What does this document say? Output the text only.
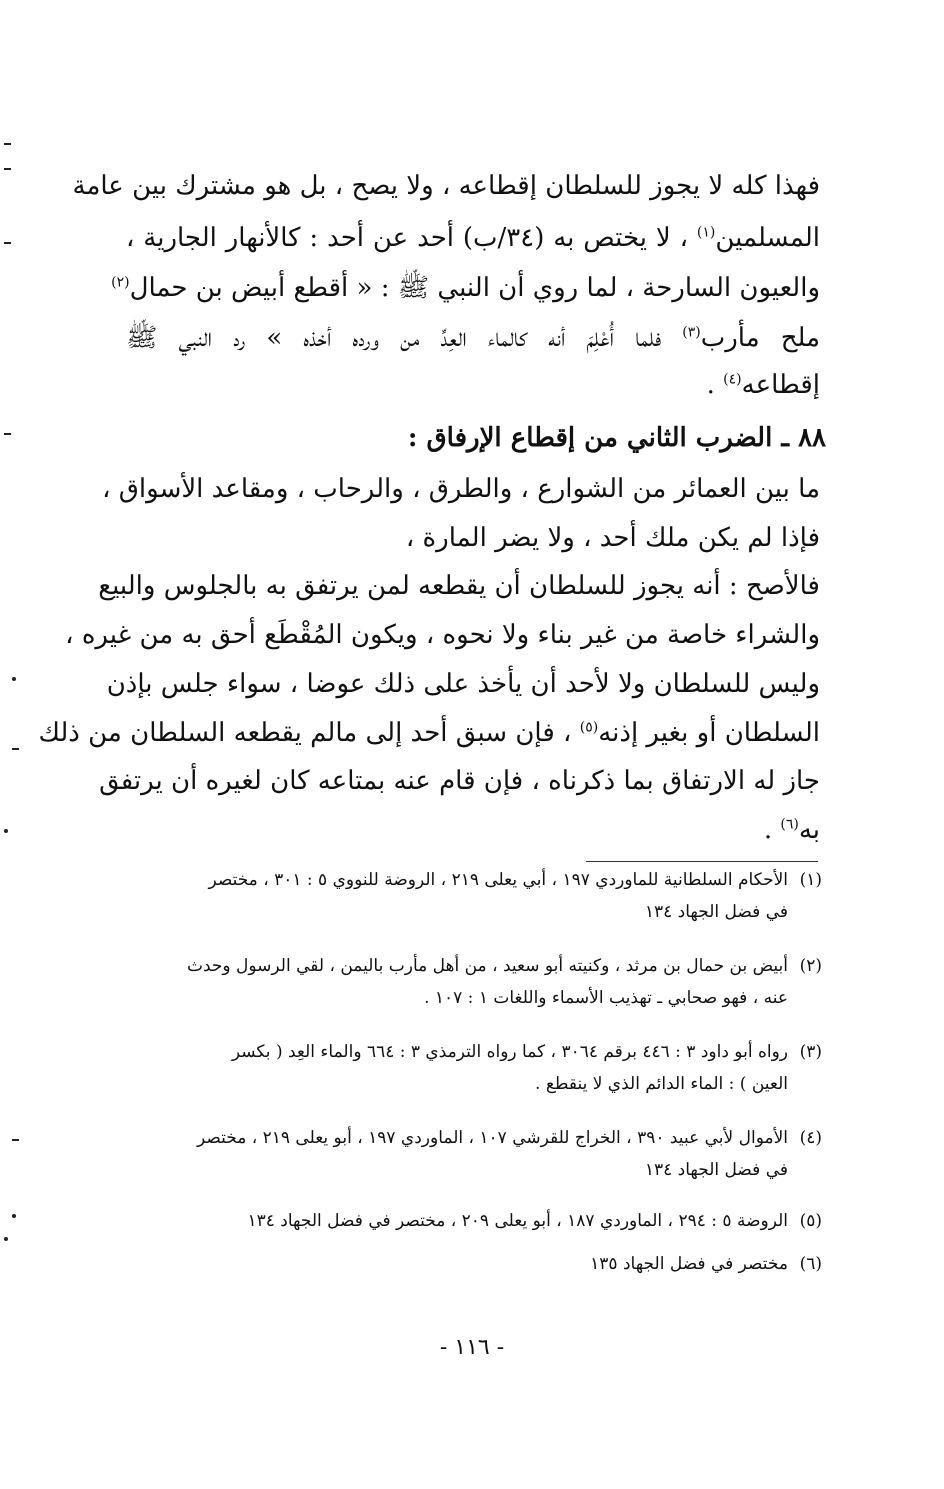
فهذا كله لا يجوز للسلطان إقطاعه ، ولا يصح ، بل هو مشترك بين عامة
المسلمين$^{(١)}$ ، لا يختص به (٣٤/ب) أحد عن أحد : كالأنهار الجارية ،
والعيون السارحة ، لما روي أن النبي ﷺ : « أقطع أبيض بن حمال$^{(٢)}$
ملح مأرب$^{(٣)}$ فلما أُعْلِمَ أنه كالماء العِدِّ من ورده أخذه » رد النبي ﷺ
إقطاعه$^{(٤)}$ .
٨٨ ـ الضرب الثاني من إقطاع الإرفاق :
ما بين العمائر من الشوارع ، والطرق ، والرحاب ، ومقاعد الأسواق ،
فإذا لم يكن ملك أحد ، ولا يضر المارة ،
فالأصح : أنه يجوز للسلطان أن يقطعه لمن يرتفق به بالجلوس والبيع
والشراء خاصة من غير بناء ولا نحوه ، ويكون المُقْطَع أحق به من غيره ،
وليس للسلطان ولا لأحد أن يأخذ على ذلك عوضا ، سواء جلس بإذن
السلطان أو بغير إذنه$^{(٥)}$ ، فإن سبق أحد إلى مالم يقطعه السلطان من ذلك
جاز له الارتفاق بما ذكرناه ، فإن قام عنه بمتاعه كان لغيره أن يرتفق
به$^{(٦)}$ .
(١)الأحكام السلطانية للماوردي ١٩٧ ، أبي يعلى ٢١٩ ، الروضة للنووي ٥ : ٣٠١ ، مختصر
في فضل الجهاد ١٣٤
(٢)أبيض بن حمال بن مرثد ، وكنيته أبو سعيد ، من أهل مأرب باليمن ، لقي الرسول وحدث
عنه ، فهو صحابي ـ تهذيب الأسماء واللغات ١ : ١٠٧ .
(٣)رواه أبو داود ٣ : ٤٤٦ برقم ٣٠٦٤ ، كما رواه الترمذي ٣ : ٦٦٤ والماء العِد ( بكسر
العين ) : الماء الدائم الذي لا ينقطع .
(٤)الأموال لأبي عبيد ٣٩٠ ، الخراج للقرشي ١٠٧ ، الماوردي ١٩٧ ، أبو يعلى ٢١٩ ، مختصر
في فضل الجهاد ١٣٤
(٥)الروضة ٥ : ٢٩٤ ، الماوردي ١٨٧ ، أبو يعلى ٢٠٩ ، مختصر في فضل الجهاد ١٣٤
(٦)مختصر في فضل الجهاد ١٣٥
- ١١٦ -
